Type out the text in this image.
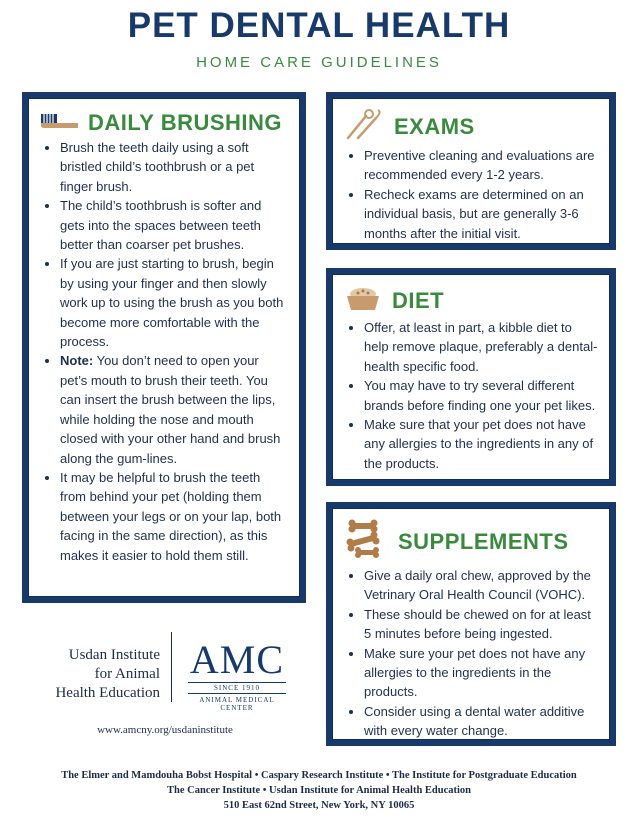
PET DENTAL HEALTH
HOME CARE GUIDELINES
DAILY BRUSHING
• Brush the teeth daily using a soft bristled child’s toothbrush or a pet finger brush.
• The child’s toothbrush is softer and gets into the spaces between teeth better than coarser pet brushes.
• If you are just starting to brush, begin by using your finger and then slowly work up to using the brush as you both become more comfortable with the process.
• Note: You don’t need to open your pet’s mouth to brush their teeth. You can insert the brush between the lips, while holding the nose and mouth closed with your other hand and brush along the gum-lines.
• It may be helpful to brush the teeth from behind your pet (holding them between your legs or on your lap, both facing in the same direction), as this makes it easier to hold them still.
EXAMS
• Preventive cleaning and evaluations are recommended every 1-2 years.
• Recheck exams are determined on an individual basis, but are generally 3-6 months after the initial visit.
DIET
• Offer, at least in part, a kibble diet to help remove plaque, preferably a dental-health specific food.
• You may have to try several different brands before finding one your pet likes.
• Make sure that your pet does not have any allergies to the ingredients in any of the products.
SUPPLEMENTS
• Give a daily oral chew, approved by the Vetrinary Oral Health Council (VOHC).
• These should be chewed on for at least 5 minutes before being ingested.
• Make sure your pet does not have any allergies to the ingredients in the products.
• Consider using a dental water additive with every water change.
Usdan Institute
for Animal
Health Education
AMC
SINCE 1910
ANIMAL MEDICAL CENTER
www.amcny.org/usdaninstitute
The Elmer and Mamdouha Bobst Hospital • Caspary Research Institute • The Institute for Postgraduate Education
The Cancer Institute • Usdan Institute for Animal Health Education
510 East 62nd Street, New York, NY 10065
